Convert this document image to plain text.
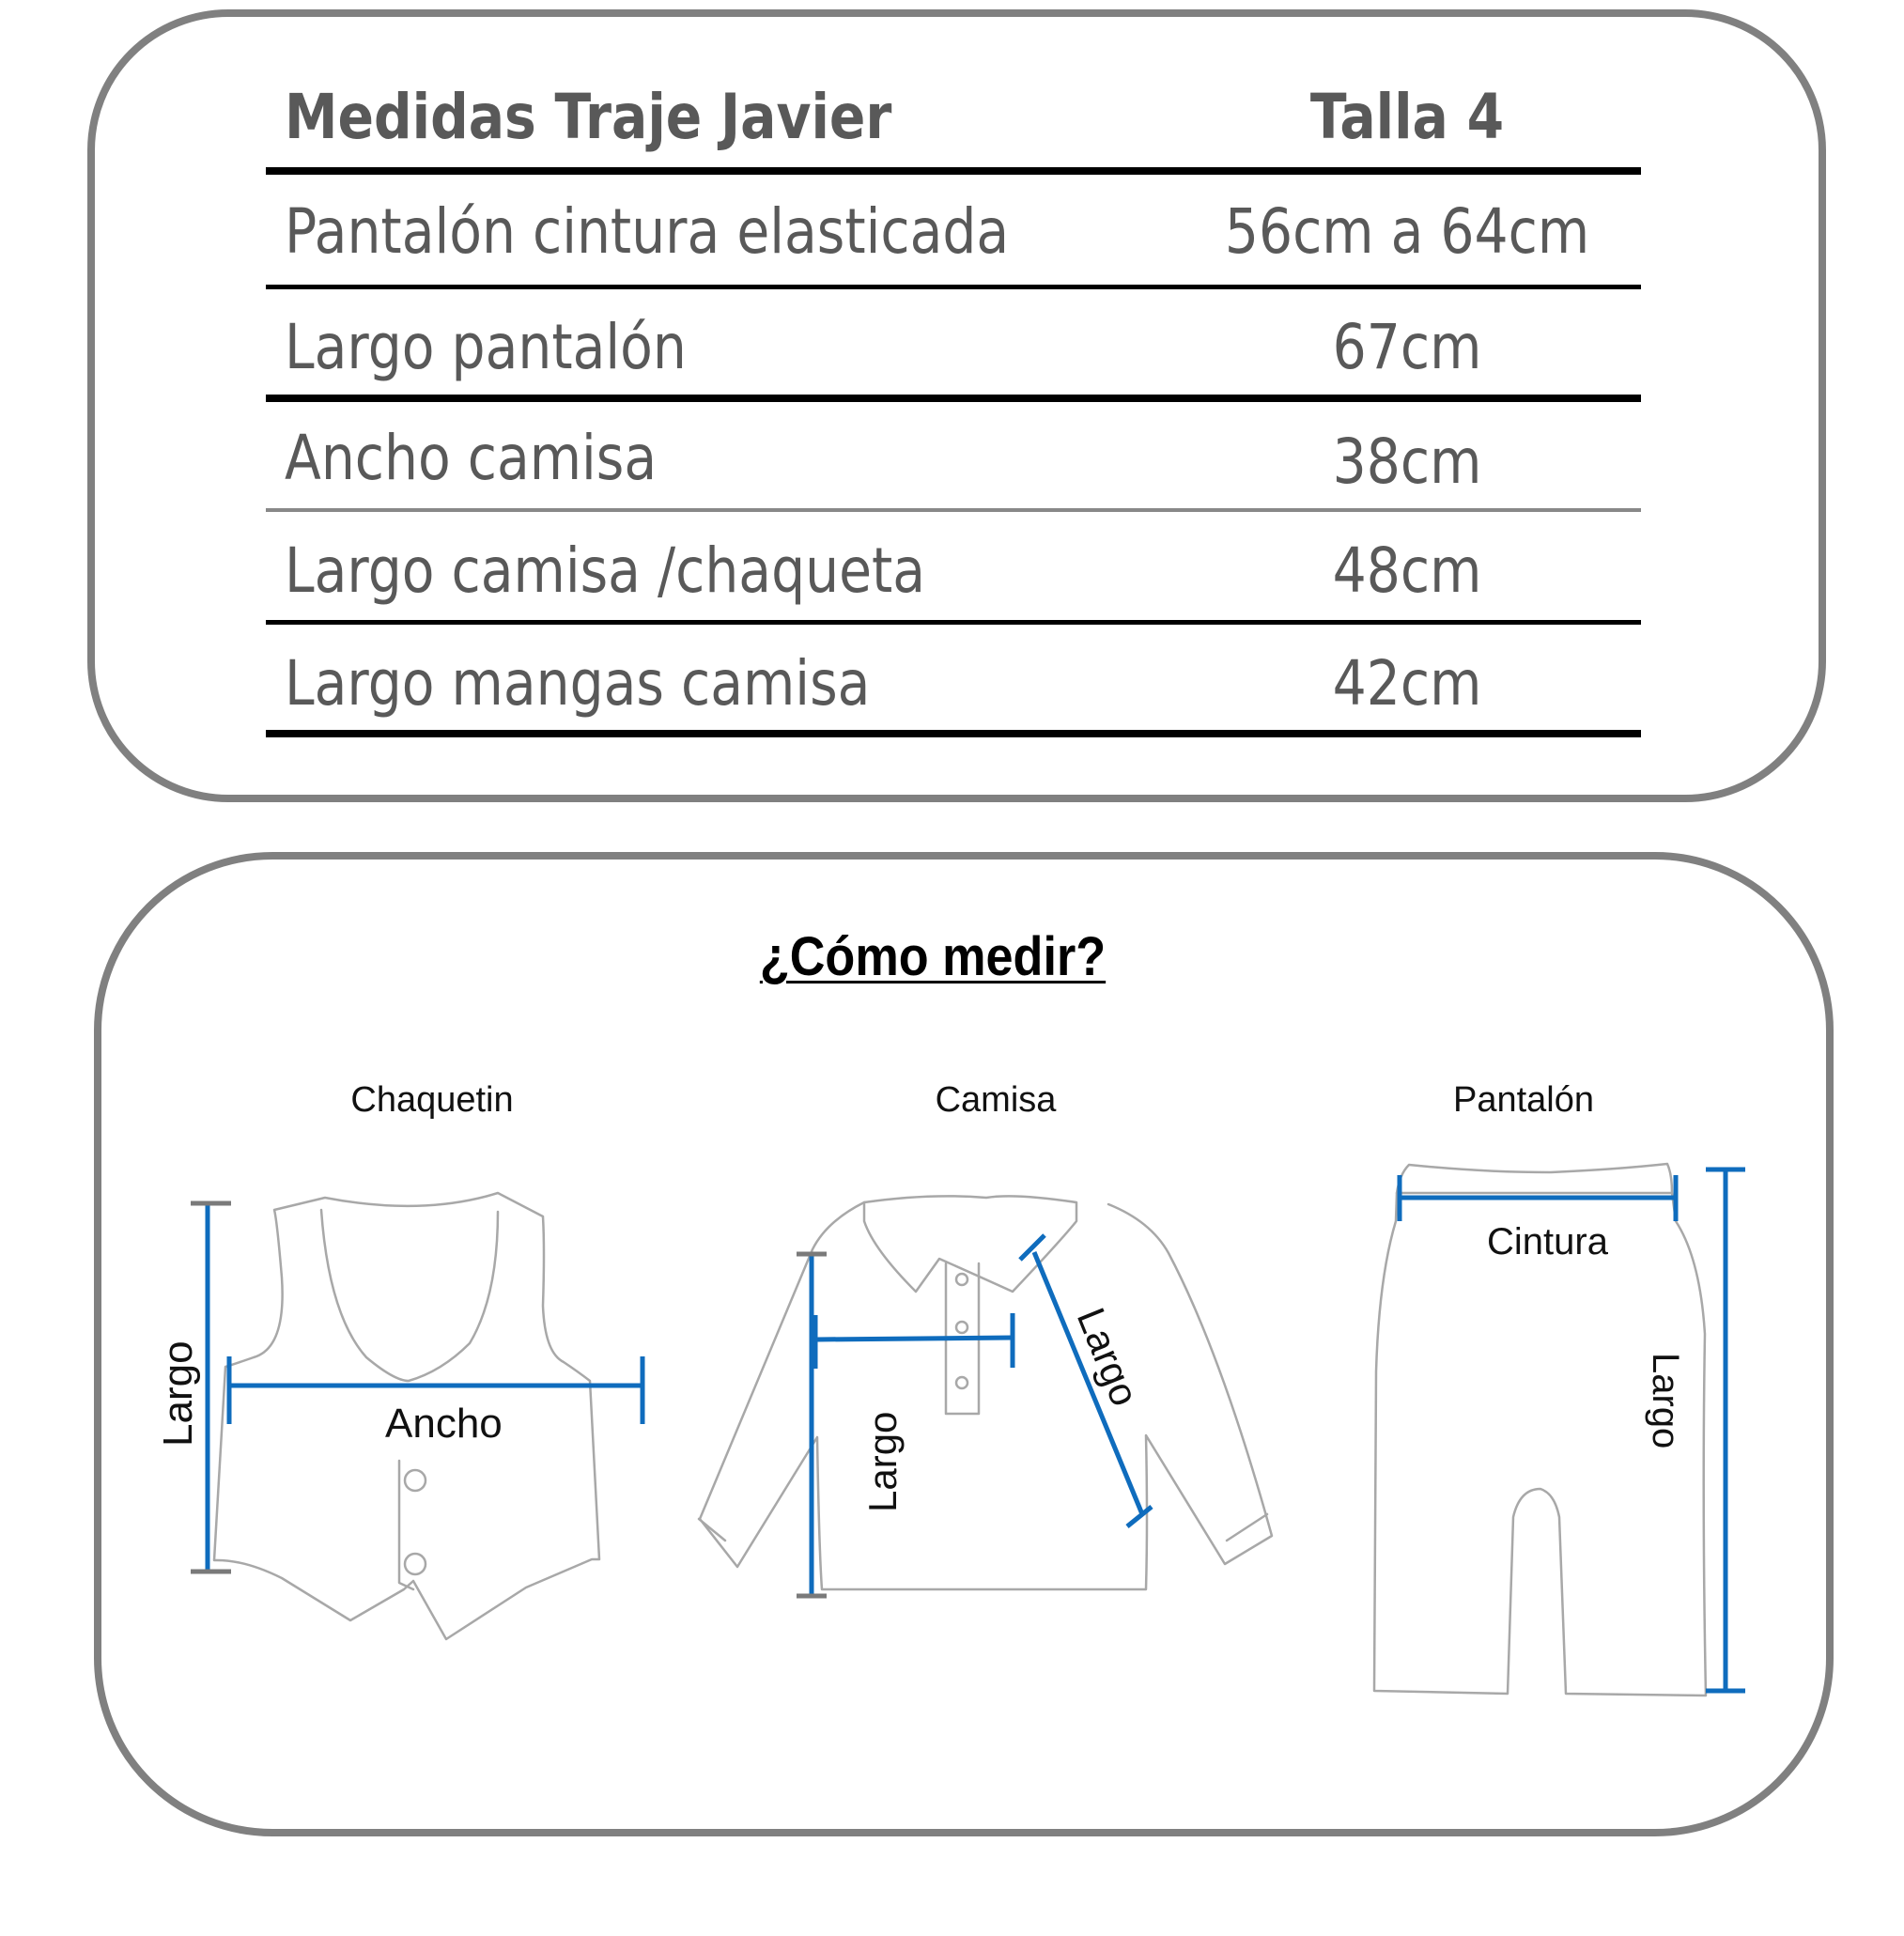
Medidas Traje Javier	Talla 4
Pantalón cintura elasticada	56cm a 64cm
Largo pantalón	67cm
Ancho camisa	38cm
Largo camisa /chaqueta	48cm
Largo mangas camisa	42cm
¿Cómo medir?
Chaquetin	Camisa	Pantalón
Largo	Ancho	Largo
Largo
Cintura
Largo
